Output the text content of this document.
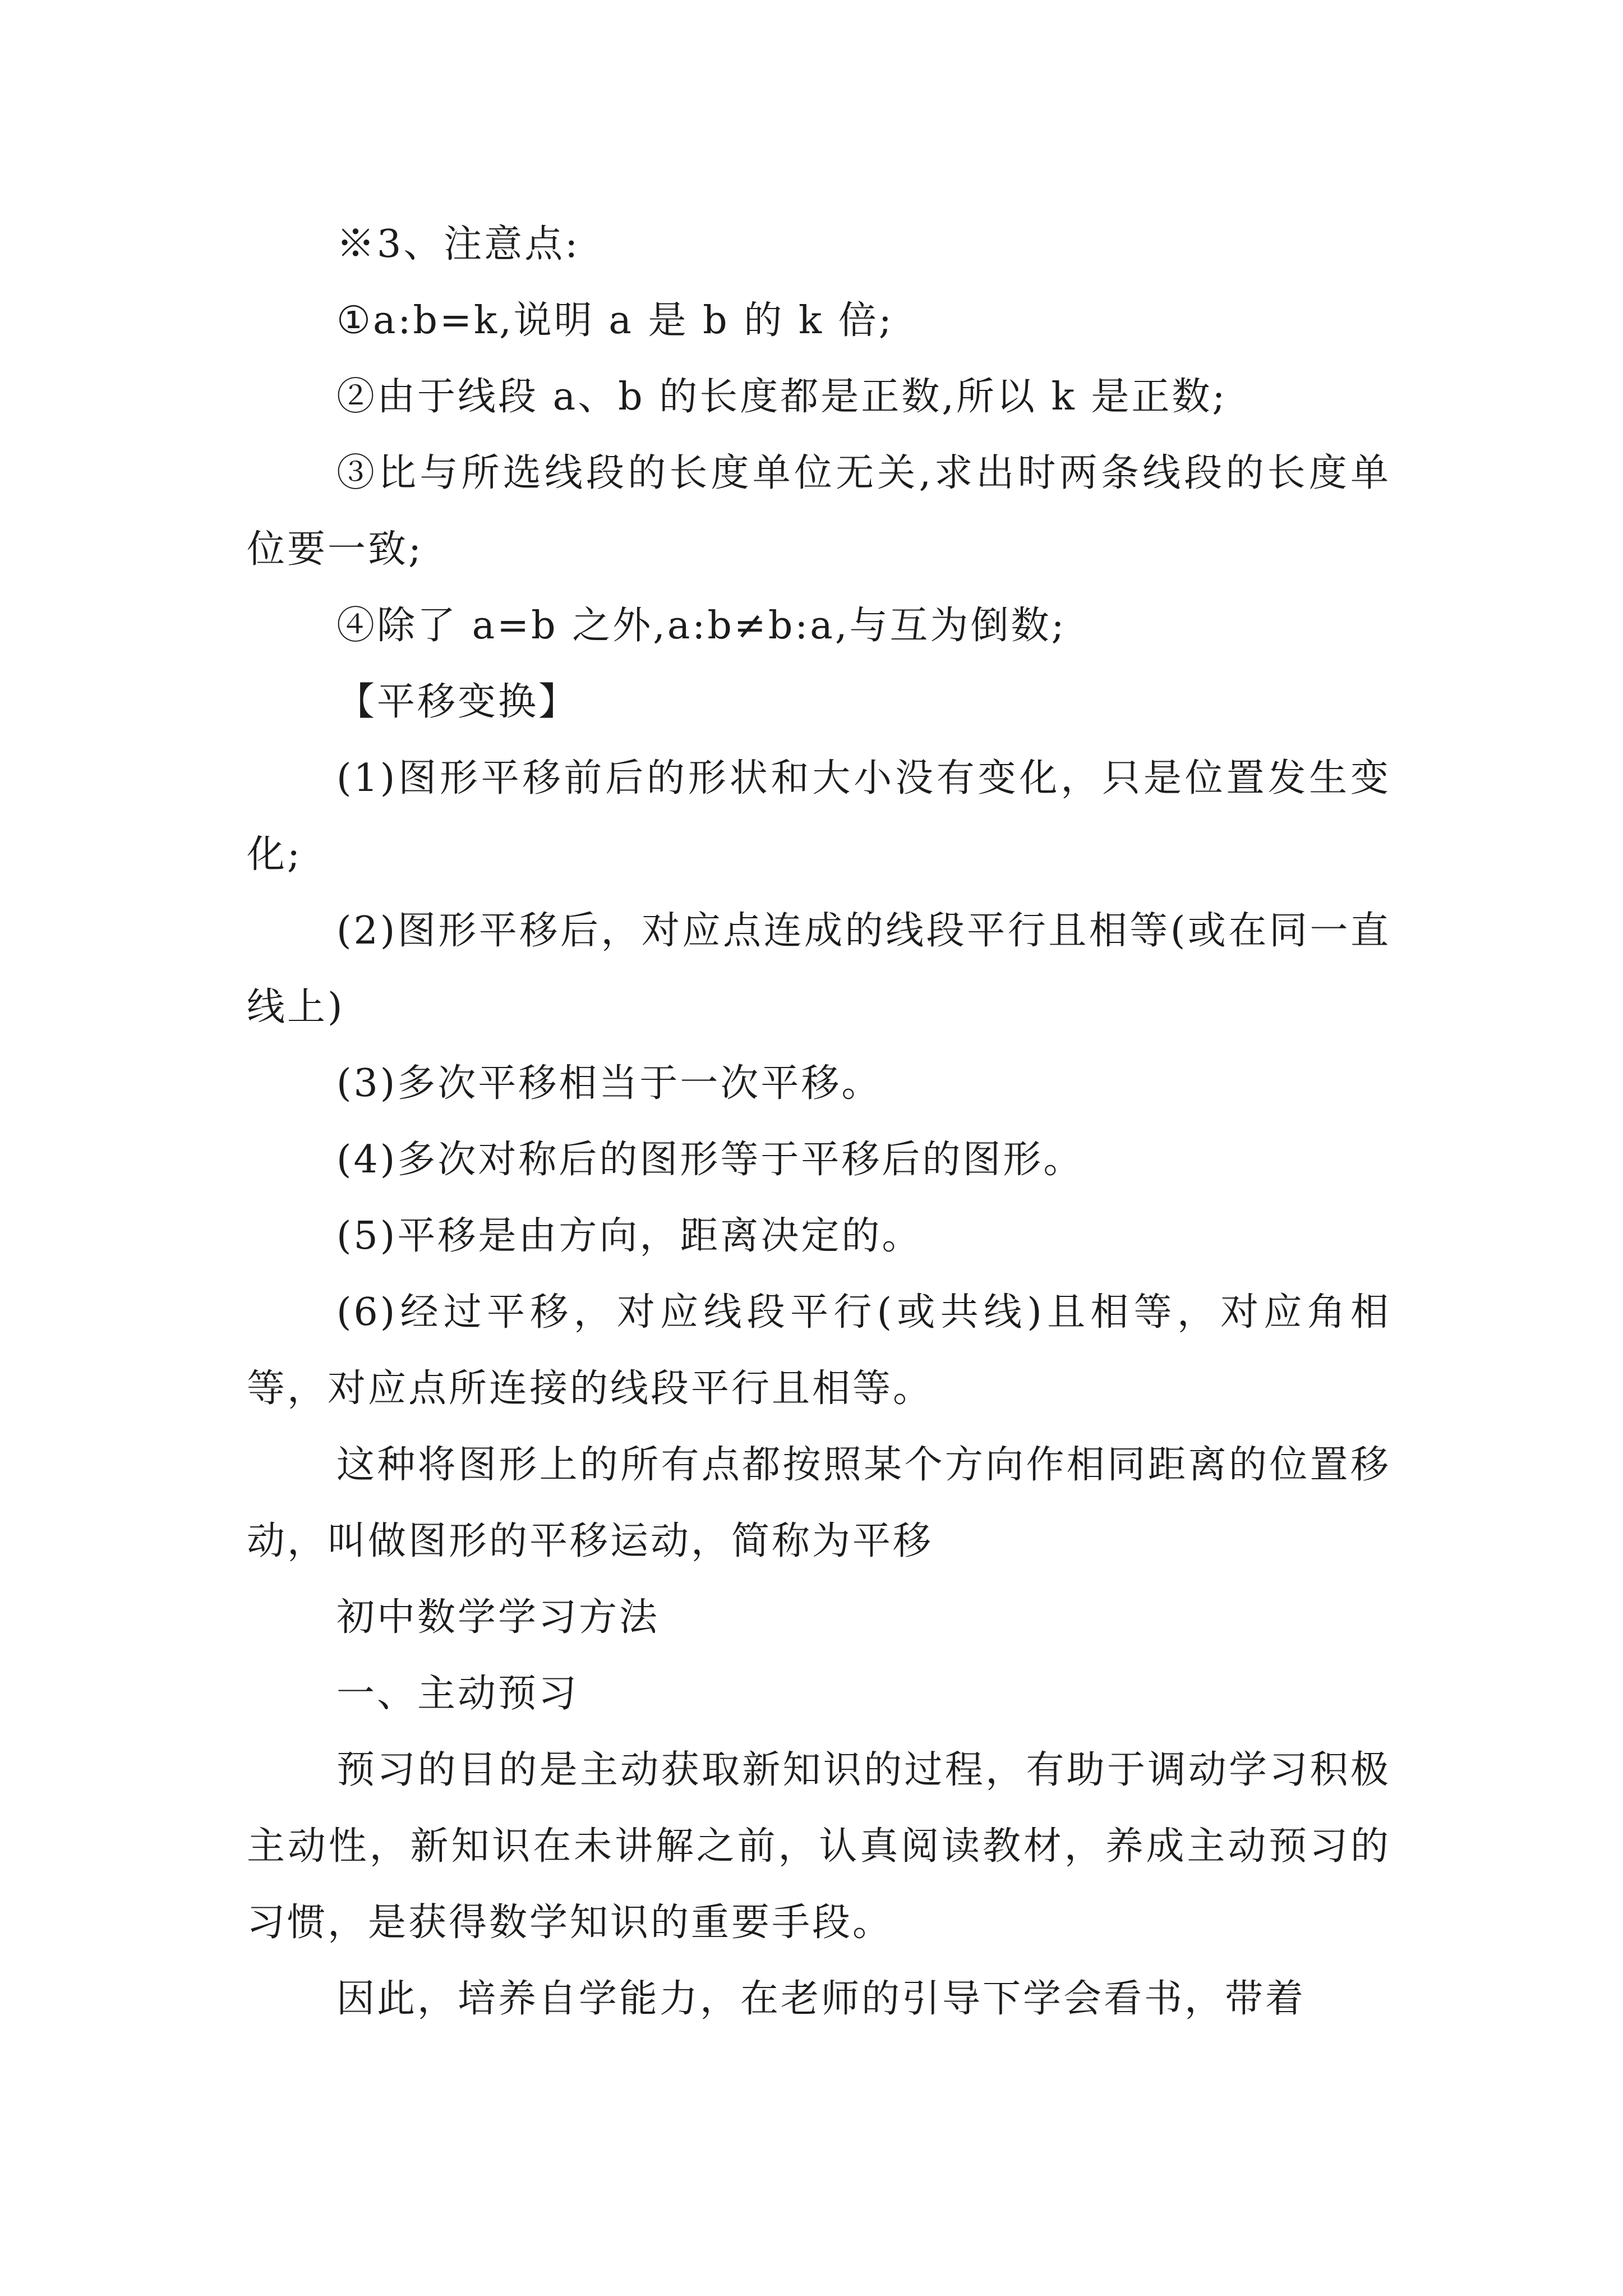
※3、注意点:

①a:b=k,说明 a 是 b 的 k 倍;

②由于线段 a、b 的长度都是正数,所以 k 是正数;

③比与所选线段的长度单位无关,求出时两条线段的长度单位要一致;

④除了 a=b 之外,a:b≠b:a,与互为倒数;

【平移变换】

(1)图形平移前后的形状和大小没有变化，只是位置发生变化;

(2)图形平移后，对应点连成的线段平行且相等(或在同一直线上)

(3)多次平移相当于一次平移。

(4)多次对称后的图形等于平移后的图形。

(5)平移是由方向，距离决定的。

(6)经过平移，对应线段平行(或共线)且相等，对应角相等，对应点所连接的线段平行且相等。

这种将图形上的所有点都按照某个方向作相同距离的位置移动，叫做图形的平移运动，简称为平移

初中数学学习方法

一、主动预习

预习的目的是主动获取新知识的过程，有助于调动学习积极主动性，新知识在未讲解之前，认真阅读教材，养成主动预习的习惯，是获得数学知识的重要手段。

因此，培养自学能力，在老师的引导下学会看书，带着
